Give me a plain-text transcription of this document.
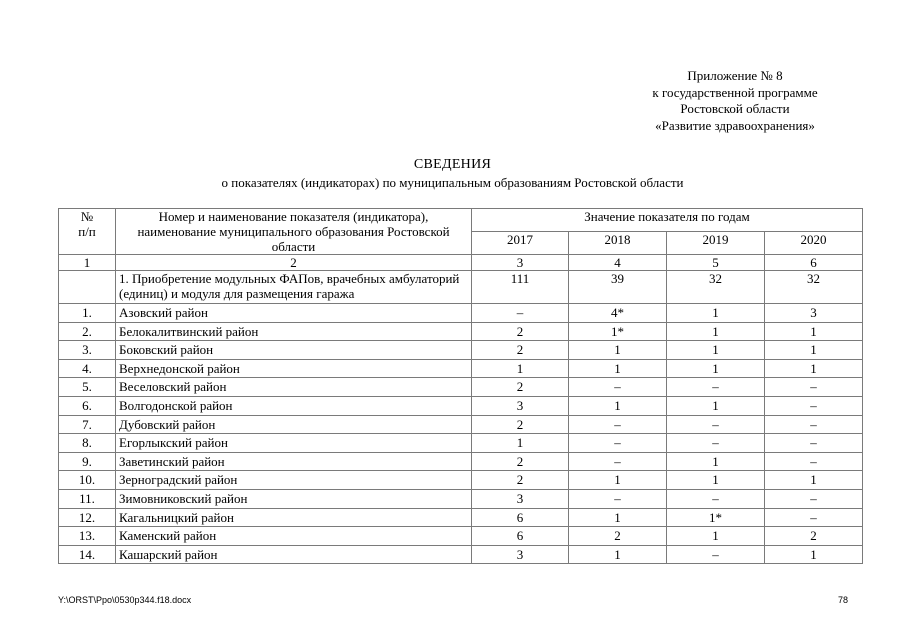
Приложение № 8
к государственной программе
Ростовской области
«Развитие здравоохранения»
СВЕДЕНИЯ
о показателях (индикаторах) по муниципальным образованиям Ростовской области
№
п/п	Номер и наименование показателя (индикатора), наименование муниципального образования Ростовской области	Значение показателя по годам			
		2017	2018	2019	2020
1	2	3	4	5	6
	1. Приобретение модульных ФАПов, врачебных амбулаторий (единиц) и модуля для размещения гаража	111	39	32	32
1.	Азовский район	–	4*	1	3
2.	Белокалитвинский район	2	1*	1	1
3.	Боковский район	2	1	1	1
4.	Верхнедонской район	1	1	1	1
5.	Веселовский район	2	–	–	–
6.	Волгодонской район	3	1	1	–
7.	Дубовский район	2	–	–	–
8.	Егорлыкский район	1	–	–	–
9.	Заветинский район	2	–	1	–
10.	Зерноградский район	2	1	1	1
11.	Зимовниковский район	3	–	–	–
12.	Кагальницкий район	6	1	1*	–
13.	Каменский район	6	2	1	2
14.	Кашарский район	3	1	–	1
Y:\ORST\Ppo\0530p344.f18.docx	78
